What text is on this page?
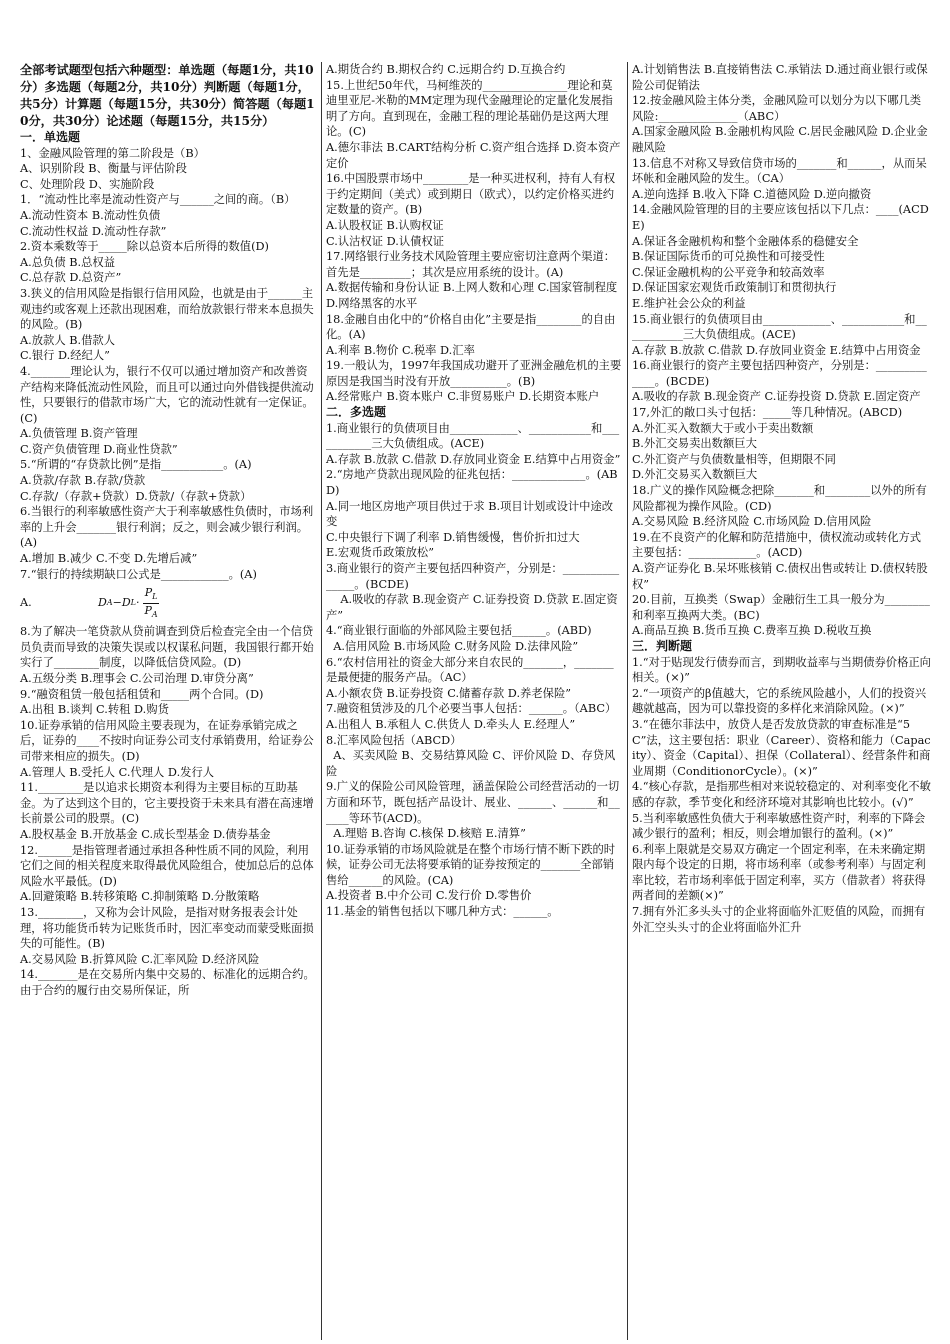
全部考试题型包括六种题型：单选题（每题1分，共10分）多选题（每题2分，共10分）判断题（每题1分，共5分）计算题（每题15分，共30分）简答题（每题10分，共30分）论述题（每题15分，共15分）

一．单选题

1、金融风险管理的第二阶段是（B）

A、识别阶段 B、衡量与评估阶段

C、处理阶段 D、实施阶段

1．“流动性比率是流动性资产与______之间的商。（B）

A.流动性资本 B.流动性负债

C.流动性权益 D.流动性存款”

2.资本乘数等于_____除以总资本后所得的数值(D)

A.总负债 B.总权益

C.总存款 D.总资产”

3.狭义的信用风险是指银行信用风险，也就是由于______主观违约或客观上还款出现困难，而给放款银行带来本息损失的风险。(B)

A.放款人 B.借款人

C.银行 D.经纪人”

4._______理论认为，银行不仅可以通过增加资产和改善资产结构来降低流动性风险，而且可以通过向外借钱提供流动性，只要银行的借款市场广大，它的流动性就有一定保证。(C)

A.负债管理 B.资产管理

C.资产负债管理 D.商业性贷款”

5.“所谓的“存贷款比例”是指___________。(A)

A.贷款/存款 B.存款/贷款

C.存款/（存款+贷款）D.贷款/（存款+贷款）

6.当银行的利率敏感性资产大于利率敏感性负债时，市场利率的上升会_______银行利润；反之，则会减少银行利润。(A)

A.增加 B.减少 C.不变 D.先增后减”

7.“银行的持续期缺口公式是____________。(A)

A.	D A − D $L \cdot \frac{P_L}{P_A}$

8.为了解决一笔贷款从贷前调查到贷后检查完全由一个信贷员负责而导致的决策失误或以权谋私问题，我国银行都开始实行了________制度，以降低信贷风险。(D)

A.五级分类 B.理事会 C.公司治理 D.审贷分离”

9.“融资租赁一般包括租赁和_____两个合同。(D)

A.出租 B.谈判 C.转租 D.购货

10.证券承销的信用风险主要表现为，在证券承销完成之后，证券的____不按时向证券公司支付承销费用，给证券公司带来相应的损失。(D)

A.管理人 B.受托人 C.代理人 D.发行人

11.________是以追求长期资本利得为主要目标的互助基金。为了达到这个目的，它主要投资于未来具有潜在高速增长前景公司的股票。(C)

A.股权基金 B.开放基金 C.成长型基金 D.债券基金

12.______是指管理者通过承担各种性质不同的风险，利用它们之间的相关程度来取得最优风险组合，使加总后的总体风险水平最低。(D)

A.回避策略 B.转移策略 C.抑制策略 D.分散策略

13.________，又称为会计风险，是指对财务报表会计处理，将功能货币转为记账货币时，因汇率变动而蒙受账面损失的可能性。(B)

A.交易风险 B.折算风险 C.汇率风险 D.经济风险

14._______是在交易所内集中交易的、标准化的远期合约。由于合约的履行由交易所保证，所

A.期货合约 B.期权合约 C.远期合约 D.互换合约

15.上世纪50年代，马柯维茨的_______________理论和莫迪里亚尼-米勒的MM定理为现代金融理论的定量化发展指明了方向。直到现在，金融工程的理论基础仍是这两大理论。(C)

A.德尔菲法 B.CART结构分析 C.资产组合选择 D.资本资产定价

16.中国股票市场中________是一种买进权利，持有人有权于约定期间（美式）或到期日（欧式），以约定价格买进约定数量的资产。(B)

A.认股权证 B.认购权证

C.认沽权证 D.认債权证

17.网络银行业务技术风险管理主要应密切注意两个渠道：首先是_________；其次是应用系统的设计。(A)

A.数据传输和身份认证 B.上网人数和心理 C.国家管制程度 D.网络黑客的水平

18.金融自由化中的“价格自由化”主要是指________的自由化。(A)

A.利率 B.物价 C.税率 D.汇率

19.一般认为，1997年我国成功避开了亚洲金融危机的主要原因是我国当时没有开放__________。(B)

A.经常账户 B.资本账户 C.非贸易账户 D.长期资本账户

二．多选题

1.商业银行的负债项目由____________、___________和___________三大负债组成。(ACE)

A.存款 B.放款 C.借款 D.存放同业资金 E.结算中占用资金”

2.“房地产贷款出现风险的征兆包括：_____________。(ABD)

A.同一地区房地产项目供过于求 B.项目计划或设计中途改变

C.中央银行下调了利率 D.销售缓慢，售价折扣过大

E.宏观货币政策放松”

3.商业银行的资产主要包括四种资产，分别是：_______________。(BCDE)

A.吸收的存款 B.现金资产 C.证券投资 D.贷款 E.固定资产”

4.“商业银行面临的外部风险主要包括______。(ABD)

A.信用风险 B.市场风险 C.财务风险 D.法律风险”

6.“农村信用社的资金大部分来自农民的_______，_______是最便捷的服务产品。（AC）

A.小额农贷 B.证券投资 C.储蓄存款 D.养老保险”

7.融资租赁涉及的几个必要当事人包括：______。（ABC）

A.出租人 B.承租人 C.供货人 D.牵头人 E.经理人”

8.汇率风险包括（ABCD）

A、买卖风险 B、交易结算风险 C、评价风险 D、存贷风险

9.广义的保险公司风险管理，涵盖保险公司经营活动的一切方面和环节，既包括产品设计、展业、______、______和______等环节(ACD)。

A.理赔 B.咨询 C.核保 D.核赔 E.清算”

10.证券承销的市场风险就是在整个市场行情不断下跌的时候，证券公司无法将要承销的证券按预定的_______全部销售给______的风险。(CA)

A.投资者 B.中介公司 C.发行价 D.零售价

11.基金的销售包括以下哪几种方式：______。

A.计划销售法 B.直接销售法 C.承销法 D.通过商业银行或保险公司促销法

12.按金融风险主体分类，金融风险可以划分为以下哪几类风险:______________（ABC）

A.国家金融风险 B.金融机构风险 C.居民金融风险 D.企业金融风险

13.信息不对称又导致信贷市场的_______和______，从而呆坏帐和金融风险的发生。（CA）

A.逆向选择 B.收入下降 C.道德风险 D.逆向撤资

14.金融风险管理的目的主要应该包括以下几点：____(ACDE)

A.保证各金融机构和整个金融体系的稳健安全

B.保证国际货币的可兑换性和可接受性

C.保证金融机构的公平竞争和较高效率

D.保证国家宏观货币政策制订和贯彻执行

E.维护社会公众的利益

15.商业银行的负债项目由____________、___________和___________三大负债组成。(ACE)

A.存款 B.放款 C.借款 D.存放同业资金 E.结算中占用资金

16.商业银行的资产主要包括四种资产，分别是：_____________。(BCDE)

A.吸收的存款 B.现金资产 C.证券投资 D.贷款 E.固定资产

17,外汇的敞口头寸包括：_____等几种情况。(ABCD)

A.外汇买入数额大于或小于卖出数额

B.外汇交易卖出数额巨大

C.外汇资产与负债数量相等，但期限不同

D.外汇交易买入数额巨大

18.广义的操作风险概念把除_______和________以外的所有风险都视为操作风险。(CD)

A.交易风险 B.经济风险 C.市场风险 D.信用风险

19.在不良资产的化解和防范措施中，债权流动或转化方式主要包括：____________。(ACD)

A.资产证券化 B.呆坏账核销 C.债权出售或转让 D.债权转股权”

20.目前，互换类（Swap）金融衍生工具一般分为________和利率互换两大类。(BC)

A.商品互换 B.货币互换 C.费率互换 D.税收互换

三．判断题

1.“对于贴现发行债券而言，到期收益率与当期债券价格正向相关。(×)”

2.“一项资产的β值越大，它的系统风险越小，人们的投资兴趣就越高，因为可以靠投资的多样化来消除风险。(×)”

3.“在德尔菲法中，放贷人是否发放贷款的审查标准是“5C”法，这主要包括：职业（Career）、资格和能力（Capacity）、资金（Capital）、担保（Collateral）、经营条件和商业周期（ConditionorCycle）。(×)”

4.“核心存款，是指那些相对来说较稳定的、对利率变化不敏感的存款，季节变化和经济环境对其影响也比较小。(√)”

5.当利率敏感性负债大于利率敏感性资产时，利率的下降会减少银行的盈利；相反，则会增加银行的盈利。(×)”

6.利率上限就是交易双方确定一个固定利率，在未来确定期限内每个设定的日期，将市场利率（或参考利率）与固定利率比较，若市场利率低于固定利率，买方（借款者）将获得两者间的差额(×)”

7.拥有外汇多头头寸的企业将面临外汇贬值的风险，而拥有外汇空头头寸的企业将面临外汇升
